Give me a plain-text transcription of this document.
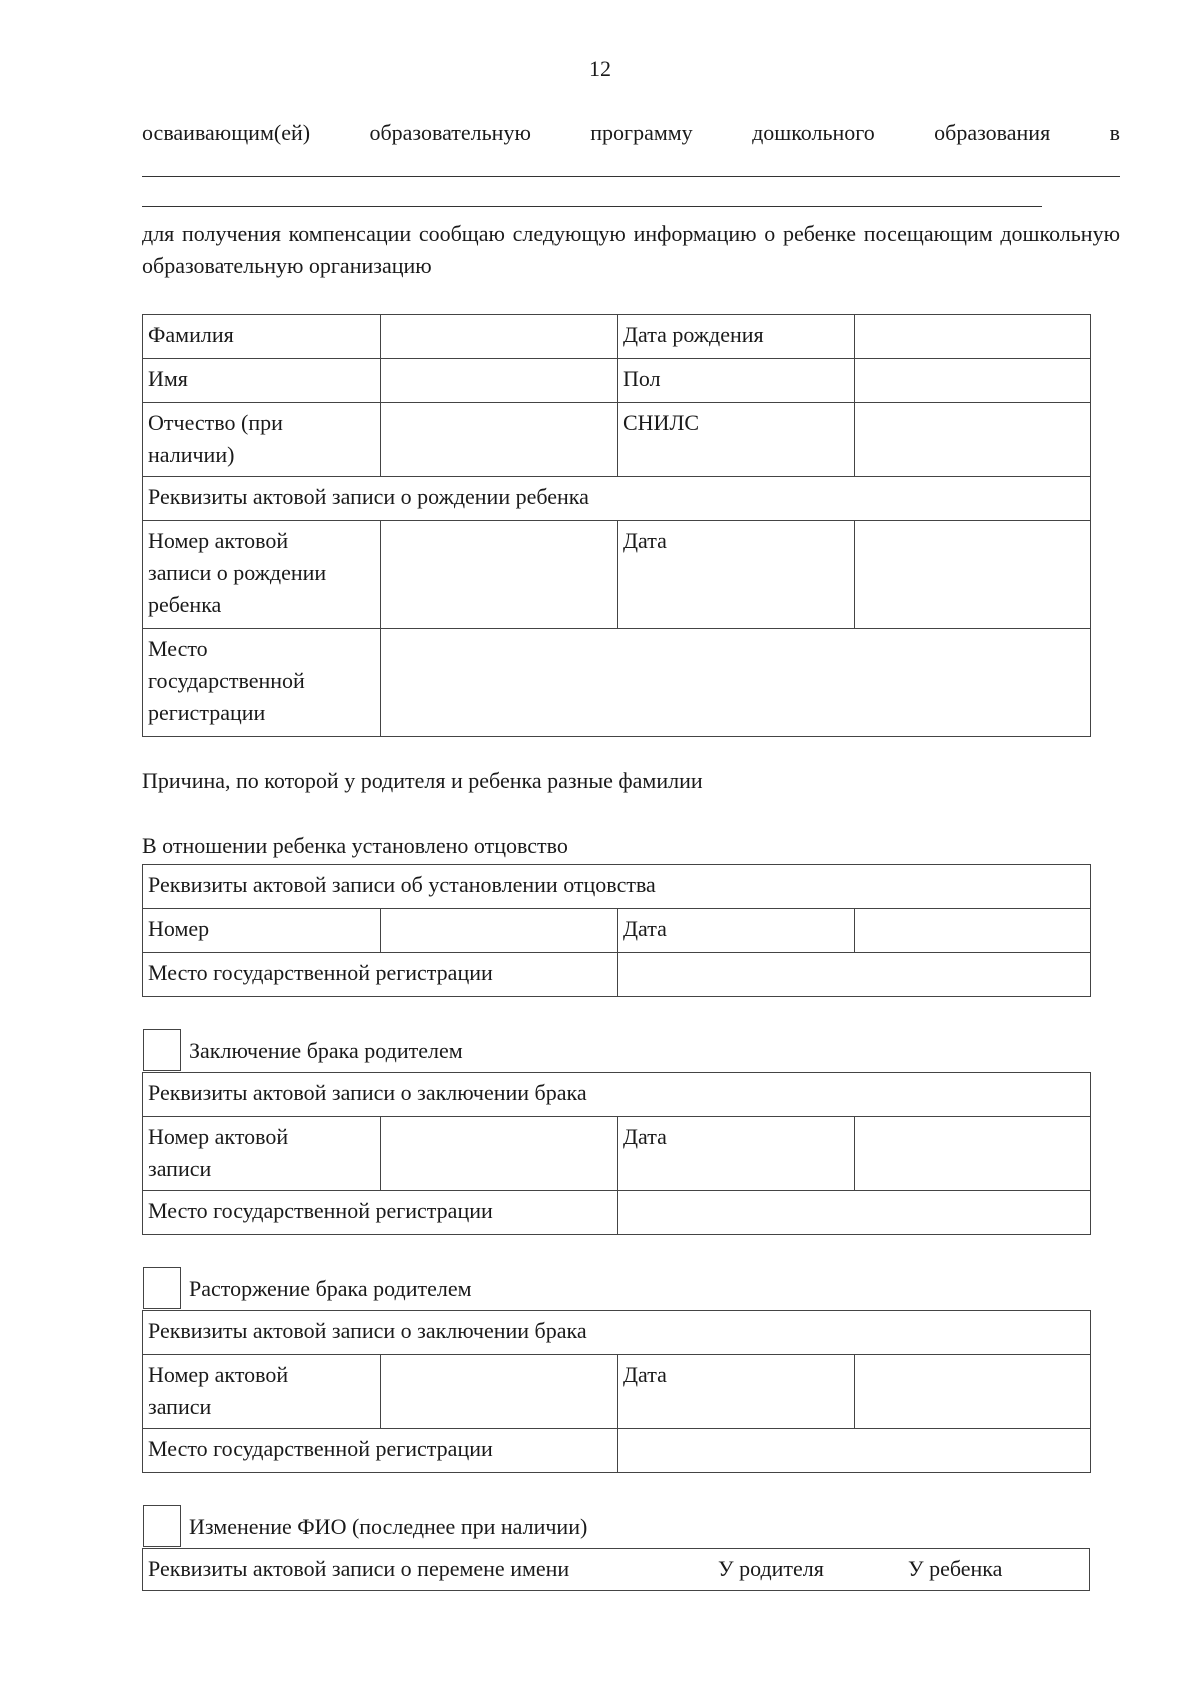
12
осваивающим(ей)	образовательную	программу	дошкольного	образования	в
для получения компенсации сообщаю следующую информацию о ребенке посещающим дошкольную образовательную организацию
Фамилия		Дата рождения	
Имя		Пол	

Отчество (при
наличии)		СНИЛС	
Реквизиты актовой записи о рождении ребенка			

Номер актовой
записи о рождении
ребенка		Дата	

Место
государственной
регистрации			

Причина, по которой у родителя и ребенка разные фамилии
В отношении ребенка установлено отцовство
Реквизиты актовой записи об установлении отцовства			
Номер		Дата	
Место государственной регистрации			
Заключение брака родителем
Реквизиты актовой записи о заключении брака			

Номер актовой
записи		Дата	
Место государственной регистрации			
Расторжение брака родителем
Реквизиты актовой записи о заключении брака			

Номер актовой
записи		Дата	
Место государственной регистрации			
Изменение ФИО (последнее при наличии)
Реквизиты актовой записи о перемене имени	У родителя	У ребенка
